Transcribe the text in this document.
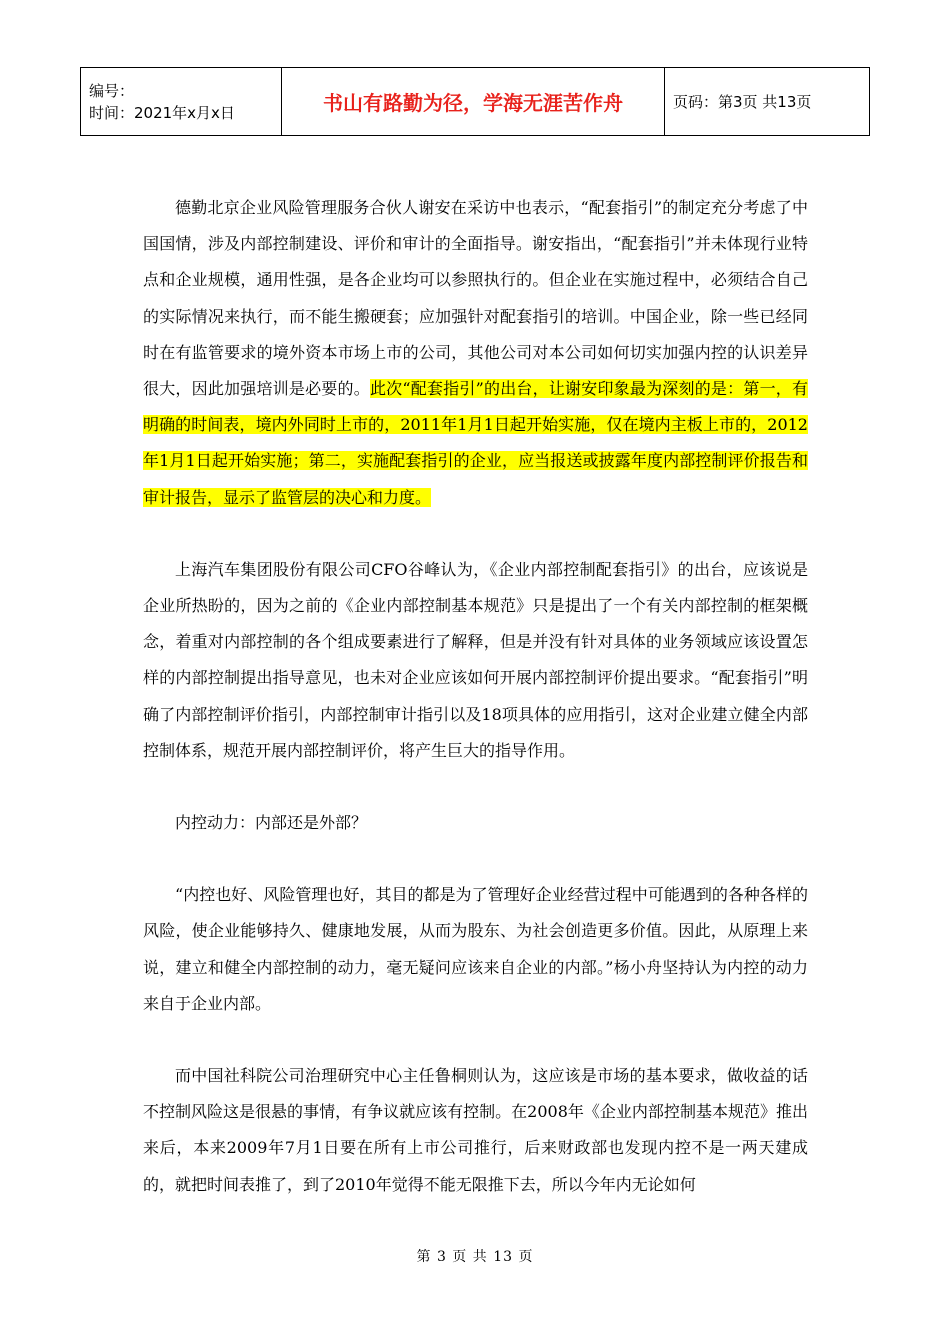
编号：
时间：2021年x月x日	书山有路勤为径，学海无涯苦作舟	页码：第3页 共13页

德勤北京企业风险管理服务合伙人谢安在采访中也表示，“配套指引”的制定充分考虑了中国国情，涉及内部控制建设、评价和审计的全面指导。谢安指出，“配套指引”并未体现行业特点和企业规模，通用性强，是各企业均可以参照执行的。但企业在实施过程中，必须结合自己的实际情况来执行，而不能生搬硬套；应加强针对配套指引的培训。中国企业，除一些已经同时在有监管要求的境外资本市场上市的公司，其他公司对本公司如何切实加强内控的认识差异很大，因此加强培训是必要的。此次“配套指引”的出台，让谢安印象最为深刻的是：第一，有明确的时间表，境内外同时上市的，2011年1月1日起开始实施，仅在境内主板上市的，2012年1月1日起开始实施；第二，实施配套指引的企业，应当报送或披露年度内部控制评价报告和审计报告，显示了监管层的决心和力度。

上海汽车集团股份有限公司CFO谷峰认为，《企业内部控制配套指引》的出台，应该说是企业所热盼的，因为之前的《企业内部控制基本规范》只是提出了一个有关内部控制的框架概念，着重对内部控制的各个组成要素进行了解释，但是并没有针对具体的业务领域应该设置怎样的内部控制提出指导意见，也未对企业应该如何开展内部控制评价提出要求。“配套指引”明确了内部控制评价指引，内部控制审计指引以及18项具体的应用指引，这对企业建立健全内部控制体系，规范开展内部控制评价，将产生巨大的指导作用。

内控动力：内部还是外部？

“内控也好、风险管理也好，其目的都是为了管理好企业经营过程中可能遇到的各种各样的风险，使企业能够持久、健康地发展，从而为股东、为社会创造更多价值。因此，从原理上来说，建立和健全内部控制的动力，毫无疑问应该来自企业的内部。”杨小舟坚持认为内控的动力来自于企业内部。

而中国社科院公司治理研究中心主任鲁桐则认为，这应该是市场的基本要求，做收益的话不控制风险这是很悬的事情，有争议就应该有控制。在2008年《企业内部控制基本规范》推出来后，本来2009年7月1日要在所有上市公司推行，后来财政部也发现内控不是一两天建成的，就把时间表推了，到了2010年觉得不能无限推下去，所以今年内无论如何

第 3 页 共 13 页
